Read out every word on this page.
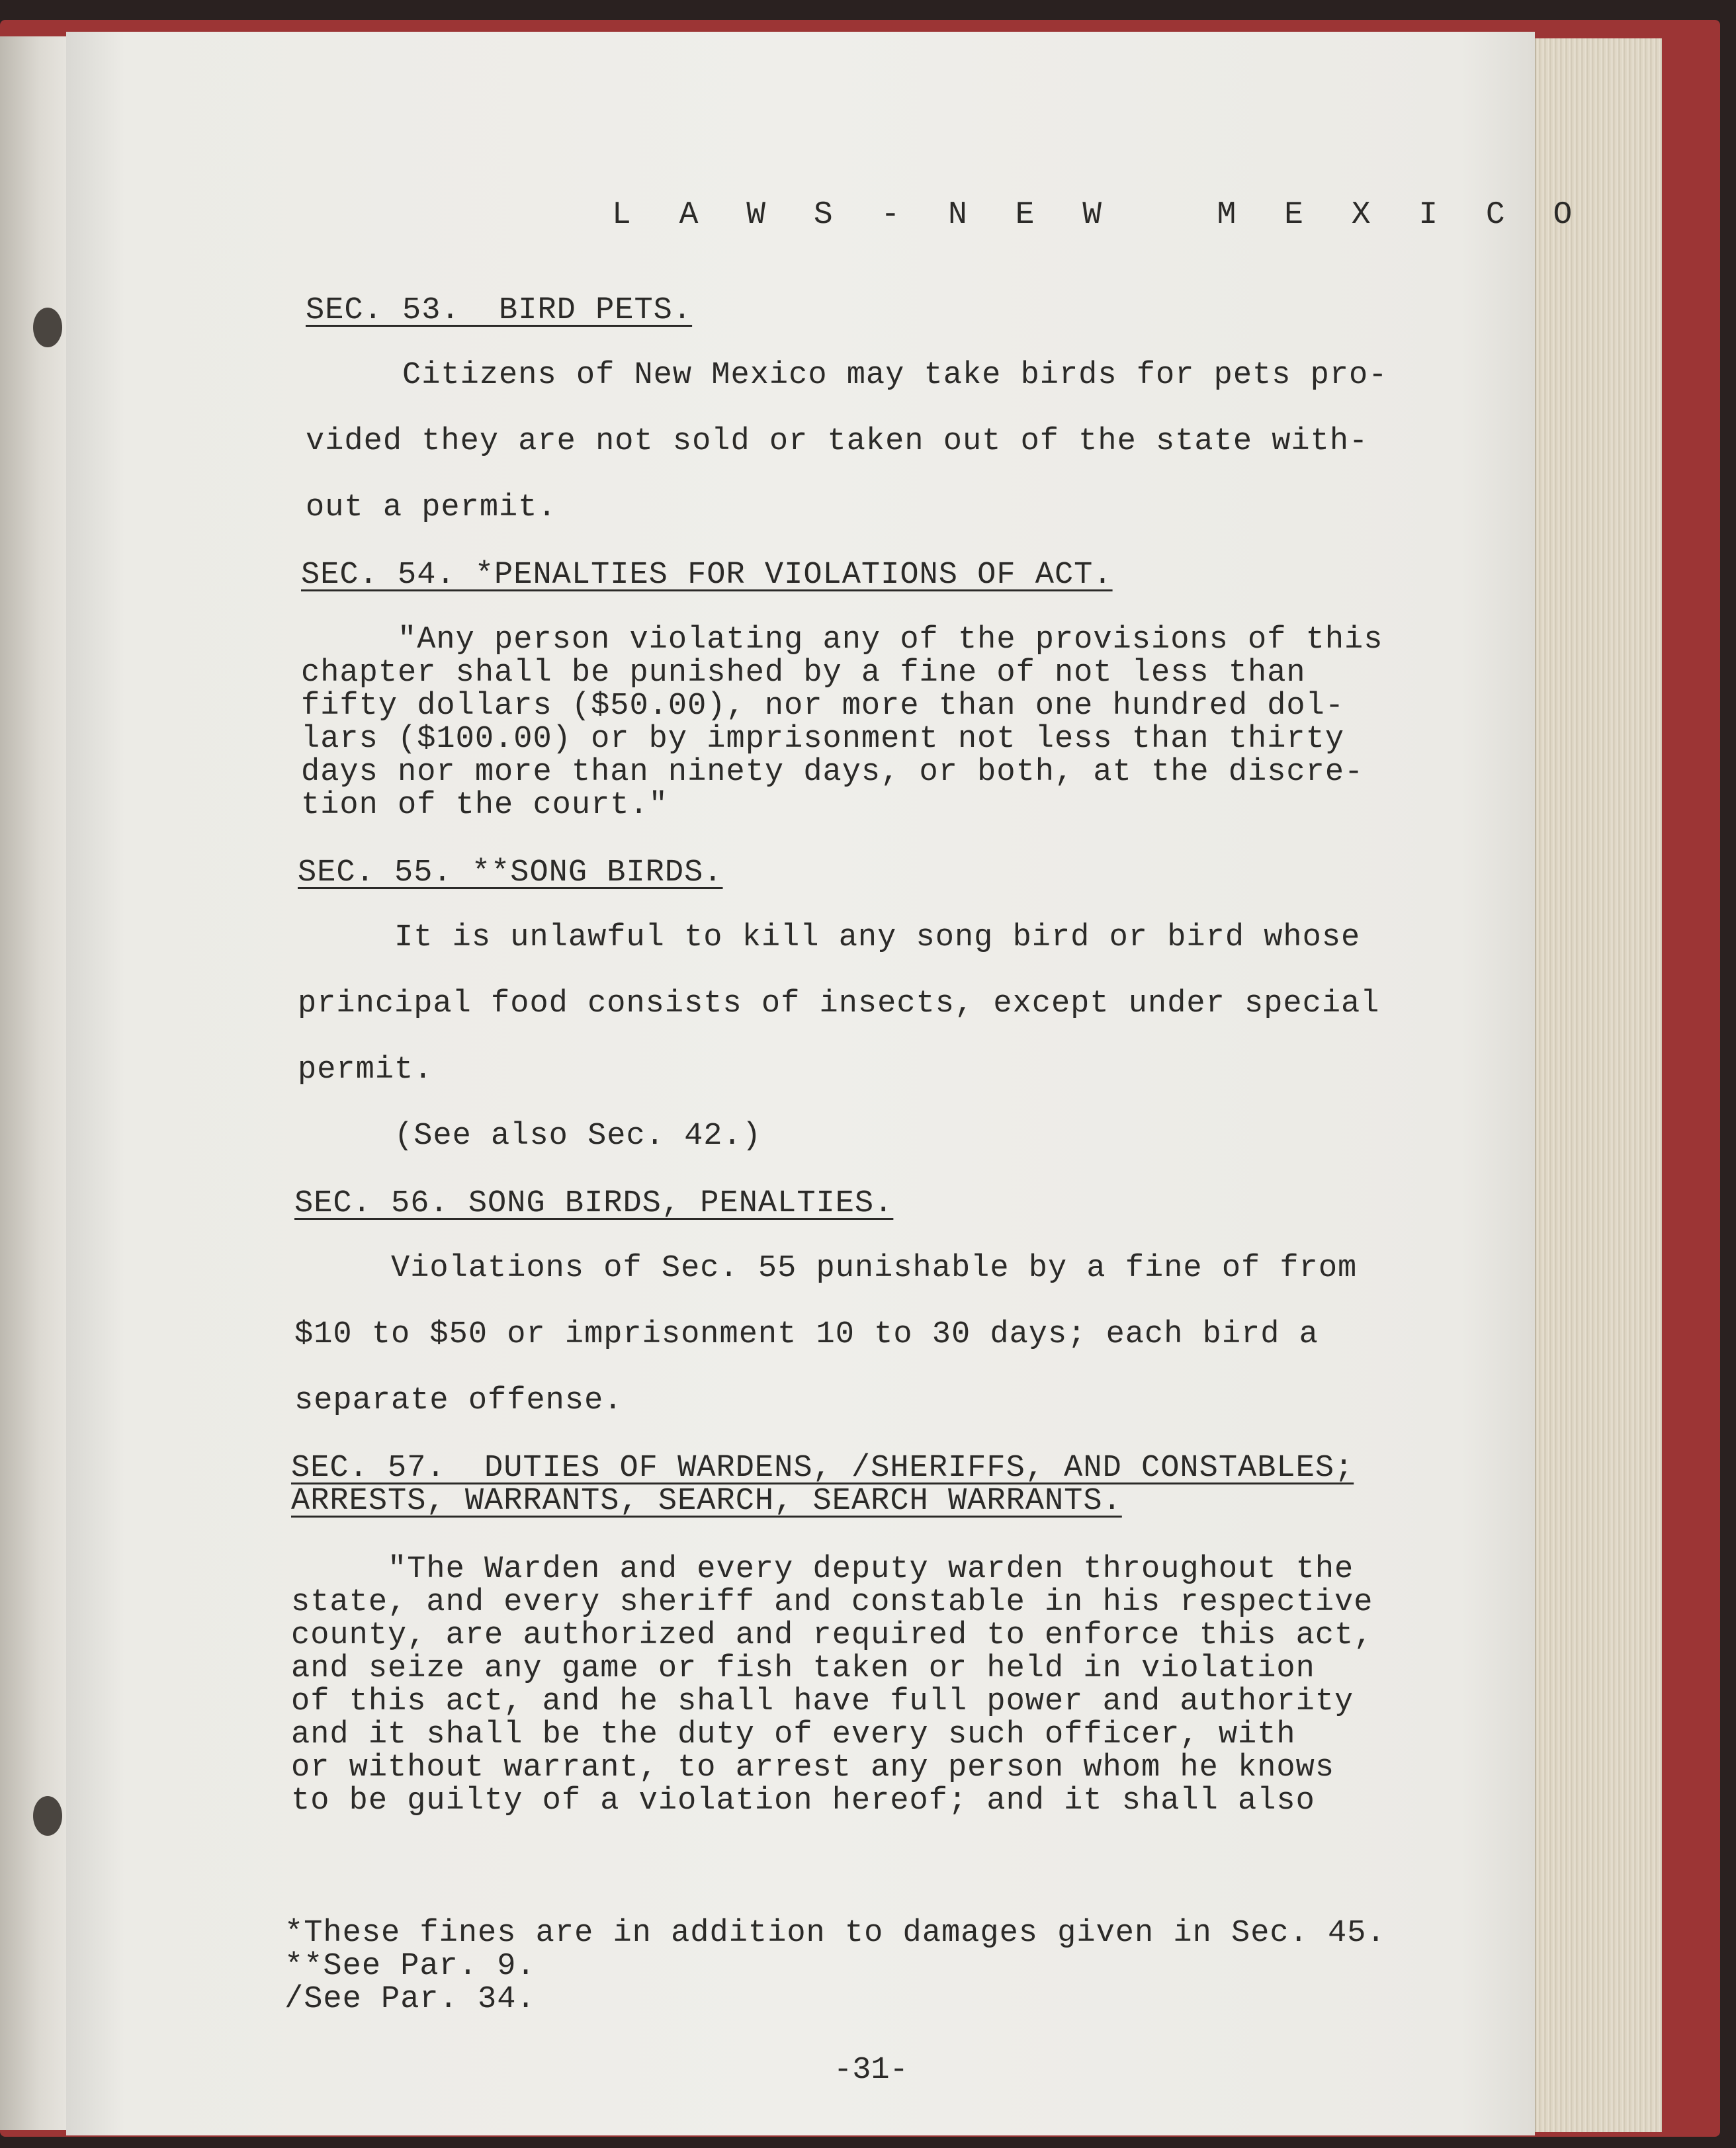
L A W S - N E W   M E X I C O
SEC. 53.  BIRD PETS.
Citizens of New Mexico may take birds for pets pro-
vided they are not sold or taken out of the state with-
out a permit.
SEC. 54. *PENALTIES FOR VIOLATIONS OF ACT.
"Any person violating any of the provisions of this
chapter shall be punished by a fine of not less than
fifty dollars ($50.00), nor more than one hundred dol-
lars ($100.00) or by imprisonment not less than thirty
days nor more than ninety days, or both, at the discre-
tion of the court."
SEC. 55. **SONG BIRDS.
It is unlawful to kill any song bird or bird whose
principal food consists of insects, except under special
permit.
(See also Sec. 42.)
SEC. 56. SONG BIRDS, PENALTIES.
Violations of Sec. 55 punishable by a fine of from
$10 to $50 or imprisonment 10 to 30 days; each bird a
separate offense.
SEC. 57.  DUTIES OF WARDENS, /SHERIFFS, AND CONSTABLES;
ARRESTS, WARRANTS, SEARCH, SEARCH WARRANTS.
"The Warden and every deputy warden throughout the
state, and every sheriff and constable in his respective
county, are authorized and required to enforce this act,
and seize any game or fish taken or held in violation
of this act, and he shall have full power and authority
and it shall be the duty of every such officer, with
or without warrant, to arrest any person whom he knows
to be guilty of a violation hereof; and it shall also
*These fines are in addition to damages given in Sec. 45.
**See Par. 9.
/See Par. 34.
-31-
